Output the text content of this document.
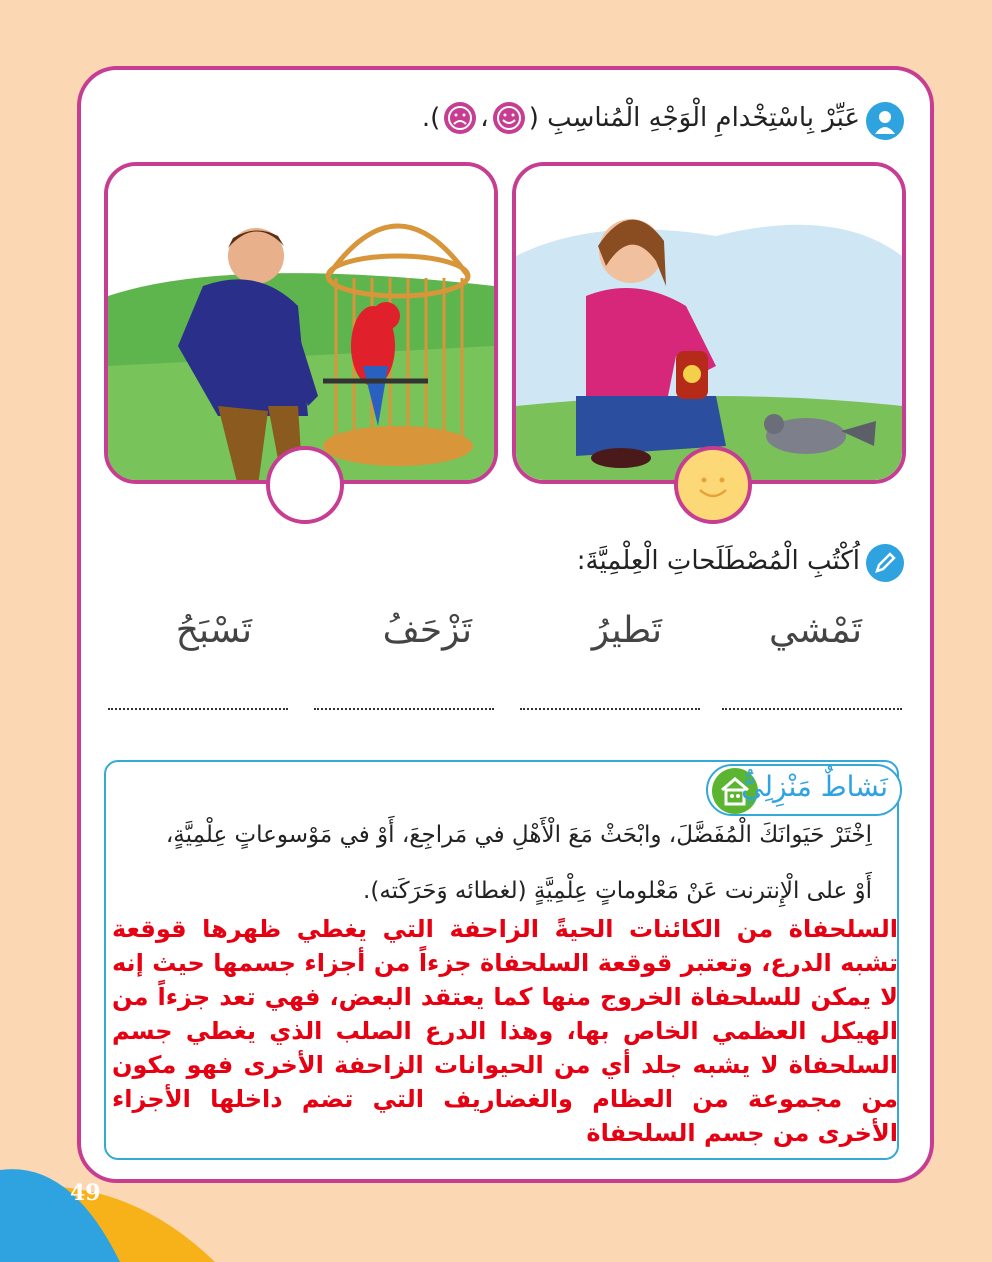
49
عَبِّرْ بِاسْتِخْدامِ الْوَجْهِ الْمُناسِبِ (
،
).
اُكْتُبِ الْمُصْطَلَحاتِ الْعِلْمِيَّةَ:
تَمْشي
تَطيرُ
تَزْحَفُ
تَسْبَحُ
نَشاطٌ مَنْزِلِيٌّ
اِخْتَرْ حَيَوانَكَ الْمُفَضَّلَ، وابْحَثْ مَعَ الْأَهْلِ في مَراجِعَ، أَوْ في مَوْسوعاتٍ عِلْمِيَّةٍ،
أَوْ على الْإِنترنت عَنْ مَعْلوماتٍ عِلْمِيَّةٍ (لغطائه وَحَرَكَته).
السلحفاة من الكائنات الحيةً الزاحفة التي يغطي ظهرها قوقعة تشبه الدرع، وتعتبر قوقعة السلحفاة جزءاً من أجزاء جسمها حيث إنه لا يمكن للسلحفاة الخروج منها كما يعتقد البعض، فهي تعد جزءاً من الهيكل العظمي الخاص بها، وهذا الدرع الصلب الذي يغطي جسم السلحفاة لا يشبه جلد أي من الحيوانات الزاحفة الأخرى فهو مكون من مجموعة من العظام والغضاريف التي تضم داخلها الأجزاء الأخرى من جسم السلحفاة
